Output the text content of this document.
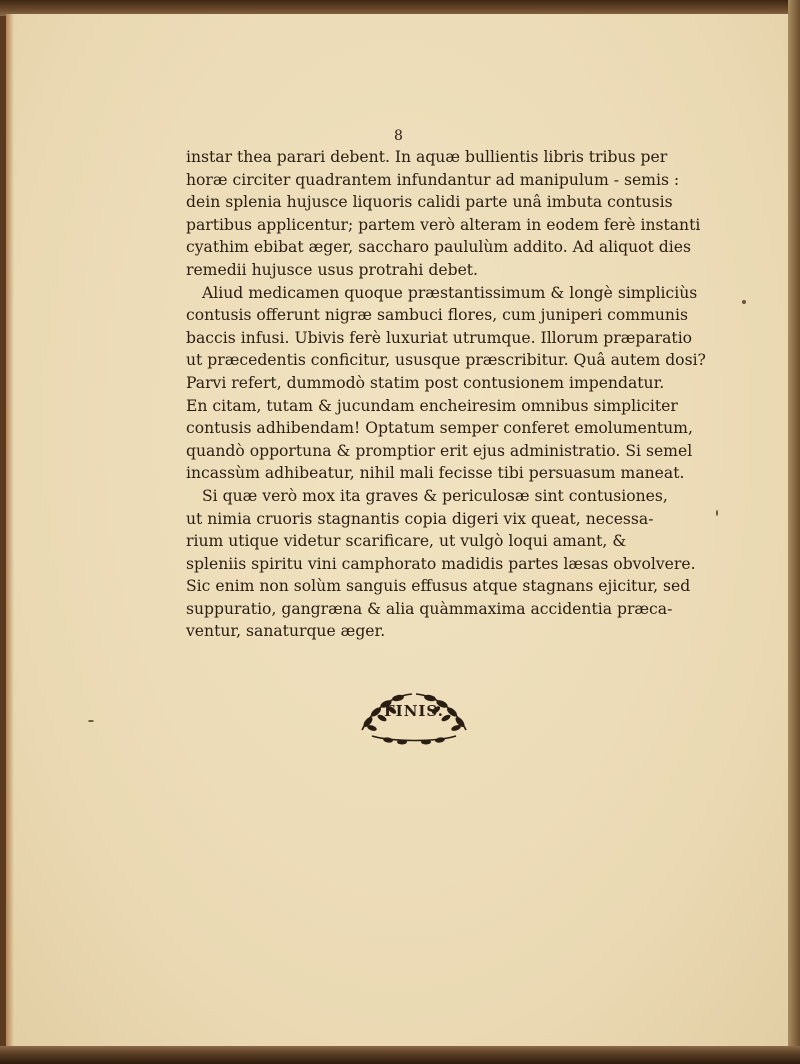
8
instar thea parari debent. In aquæ bullientis libris tribus per
horæ circiter quadrantem infundantur ad manipulum - semis :
dein splenia hujusce liquoris calidi parte unâ imbuta contusis
partibus applicentur; partem verò alteram in eodem ferè instanti
cyathim ebibat æger, saccharo paululùm addito. Ad aliquot dies
remedii hujusce usus protrahi debet.
Aliud medicamen quoque præstantissimum & longè simpliciùs
contusis offerunt nigræ sambuci flores, cum juniperi communis
baccis infusi. Ubivis ferè luxuriat utrumque. Illorum præparatio
ut præcedentis conficitur, ususque præscribitur. Quâ autem dosi?
Parvi refert, dummodò statim post contusionem impendatur.
En citam, tutam & jucundam encheiresim omnibus simpliciter
contusis adhibendam! Optatum semper conferet emolumentum,
quandò opportuna & promptior erit ejus administratio. Si semel
incassùm adhibeatur, nihil mali fecisse tibi persuasum maneat.
Si quæ verò mox ita graves & periculosæ sint contusiones,
ut nimia cruoris stagnantis copia digeri vix queat, necessa-
rium utique videtur scarificare, ut vulgò loqui amant, &
spleniis spiritu vini camphorato madidis partes læsas obvolvere.
Sic enim non solùm sanguis effusus atque stagnans ejicitur, sed
suppuratio, gangræna & alia quàmmaxima accidentia præca-
ventur, sanaturque æger.
FINIS.
